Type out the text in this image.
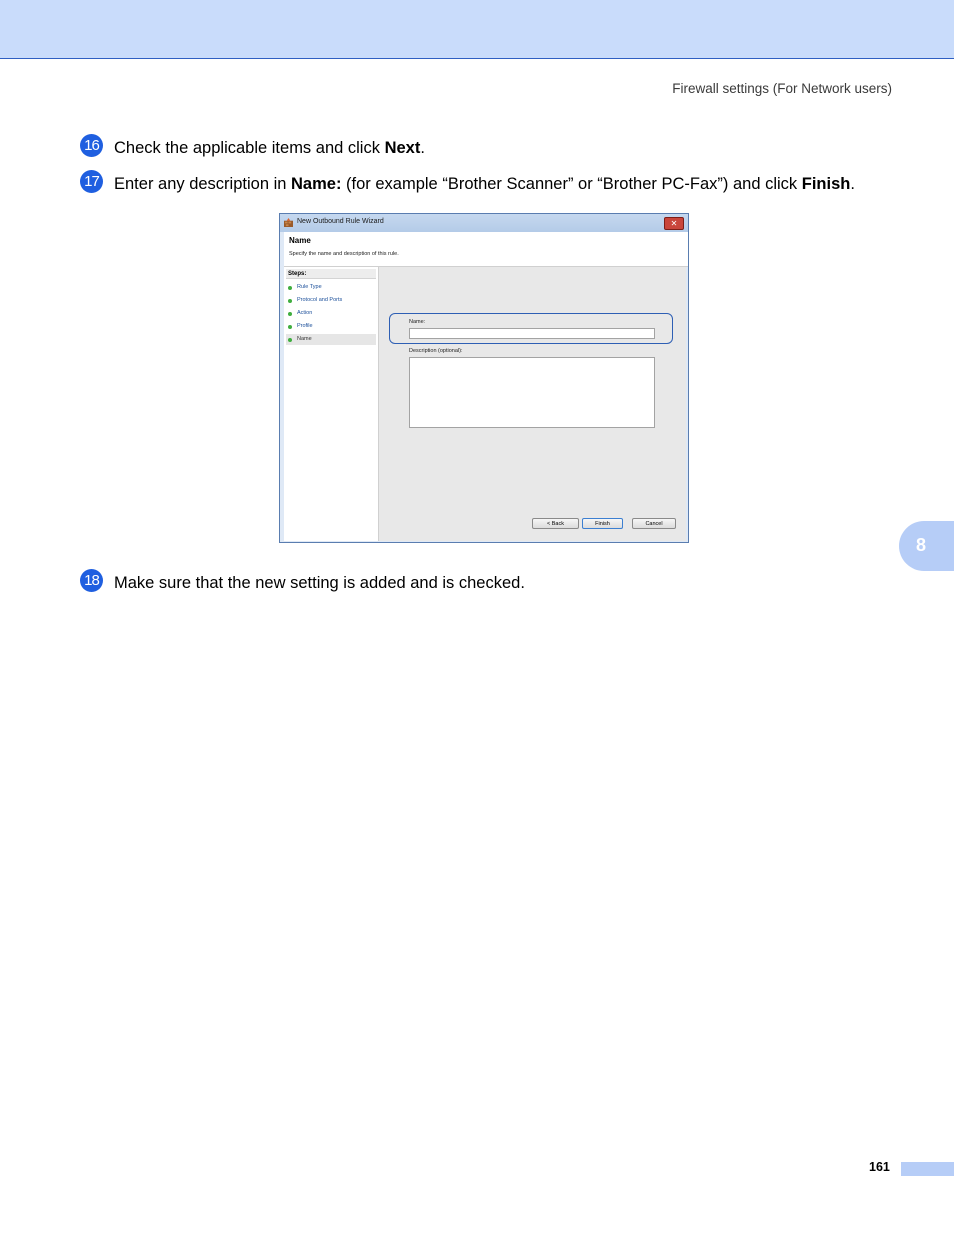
Firewall settings (For Network users)
16 Check the applicable items and click Next.
17 Enter any description in Name: (for example “Brother Scanner” or “Brother PC-Fax”) and click Finish.
New Outbound Rule Wizard	✕
Name
Specify the name and description of this rule.
Steps:
Rule Type
Protocol and Ports
Action
Profile
Name
Name:
Description (optional):
< Back	Finish	Cancel
8
18 Make sure that the new setting is added and is checked.
161
